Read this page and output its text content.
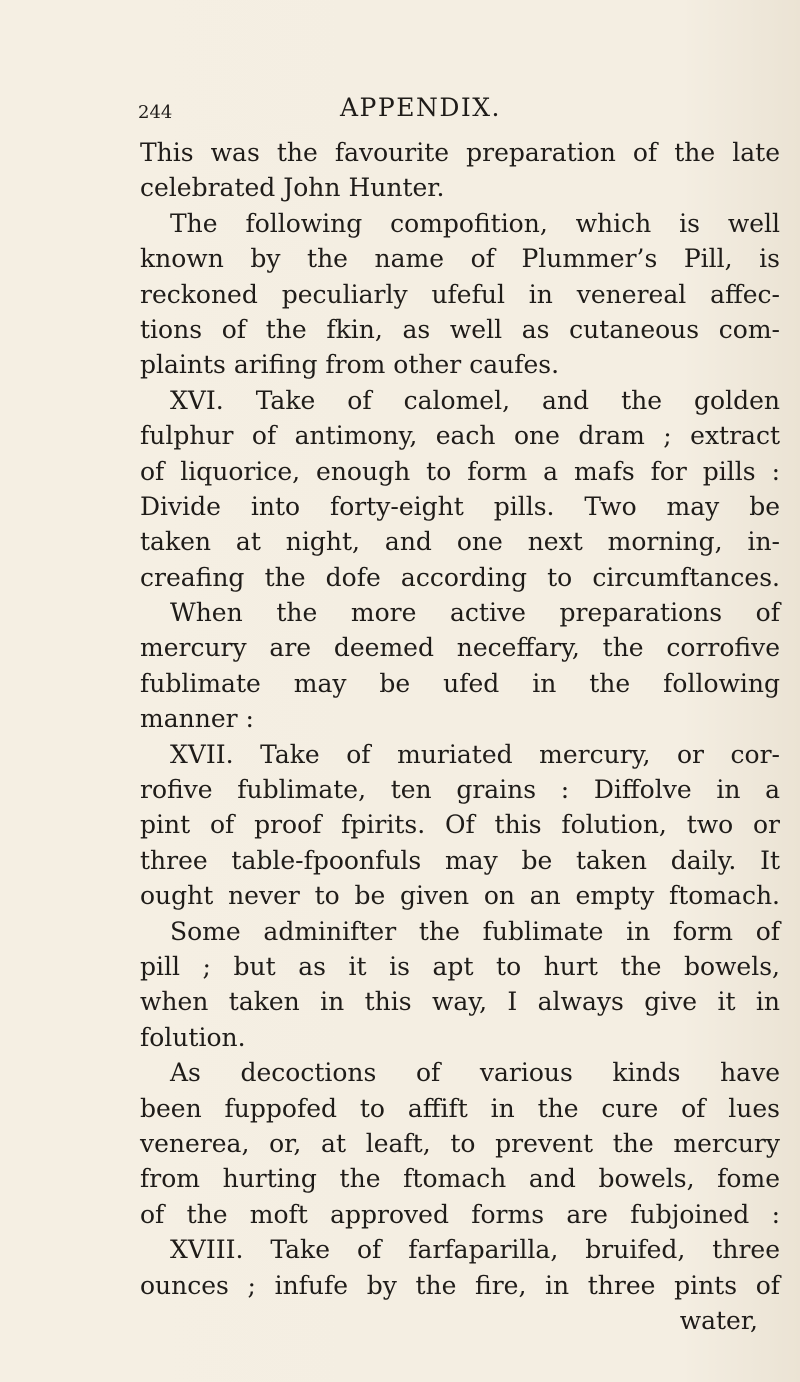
244	APPENDIX.
This was the favourite preparation of the late
celebrated John Hunter.
The following compofition, which is well
known by the name of Plummer’s Pill, is
reckoned peculiarly ufeful in venereal affec-
tions of the fkin, as well as cutaneous com-
plaints arifing from other caufes.
XVI. Take of calomel, and the golden
fulphur of antimony, each one dram ; extract
of liquorice, enough to form a mafs for pills :
Divide into forty-eight pills. Two may be
taken at night, and one next morning, in-
creafing the dofe according to circumftances.
When the more active preparations of
mercury are deemed neceffary, the corrofive
fublimate may be ufed in the following
manner :
XVII. Take of muriated mercury, or cor-
rofive fublimate, ten grains : Diffolve in a
pint of proof fpirits. Of this folution, two or
three table-fpoonfuls may be taken daily. It
ought never to be given on an empty ftomach.
Some adminifter the fublimate in form of
pill ; but as it is apt to hurt the bowels,
when taken in this way, I always give it in
folution.
As decoctions of various kinds have
been fuppofed to affift in the cure of lues
venerea, or, at leaft, to prevent the mercury
from hurting the ftomach and bowels, fome
of the moft approved forms are fubjoined :
XVIII. Take of farfaparilla, bruifed, three
ounces ; infufe by the fire, in three pints of
water,
